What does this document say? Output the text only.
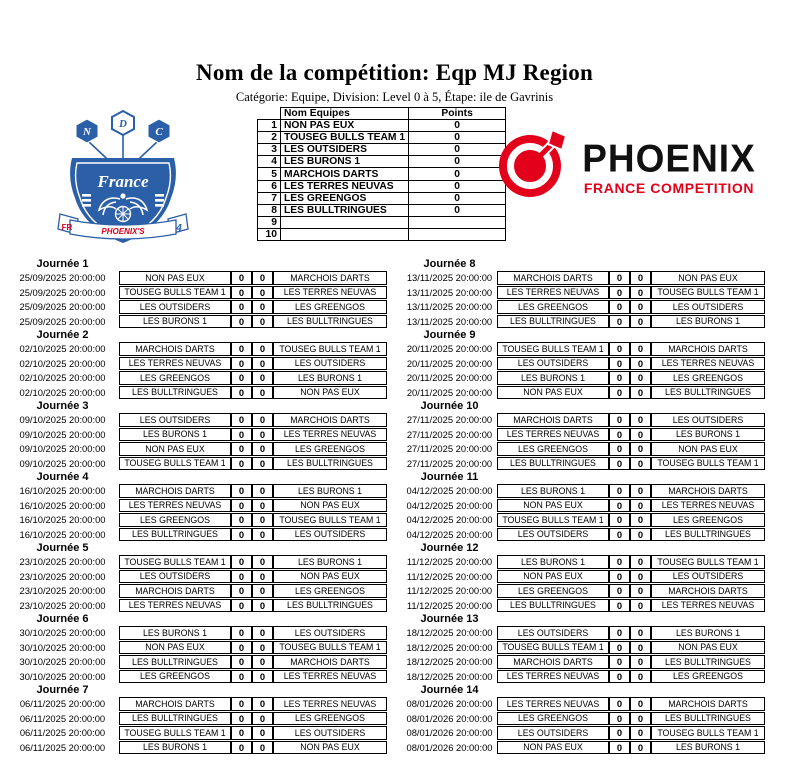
Nom de la compétition: Eqp MJ Region
Catégorie: Equipe, Division: Level 0 à 5, Étape: ile de Gavrinis
N
D
C
France
FR	PHOENIX'S	4
	Nom Equipes	Points
1	NON PAS EUX	0
2	TOUSEG BULLS TEAM 1	0
3	LES OUTSIDERS	0
4	LES BURONS 1	0
5	MARCHOIS DARTS	0
6	LES TERRES NEUVAS	0
7	LES GREENGOS	0
8	LES BULLTRINGUES	0
9		
10		
PHOENIX
FRANCE COMPETITION
Journée 1
25/09/2025 20:00:00	NON PAS EUX	0	0	MARCHOIS DARTS
25/09/2025 20:00:00	TOUSEG BULLS TEAM 1	0	0	LES TERRES NEUVAS
25/09/2025 20:00:00	LES OUTSIDERS	0	0	LES GREENGOS
25/09/2025 20:00:00	LES BURONS 1	0	0	LES BULLTRINGUES
Journée 2
02/10/2025 20:00:00	MARCHOIS DARTS	0	0	TOUSEG BULLS TEAM 1
02/10/2025 20:00:00	LES TERRES NEUVAS	0	0	LES OUTSIDERS
02/10/2025 20:00:00	LES GREENGOS	0	0	LES BURONS 1
02/10/2025 20:00:00	LES BULLTRINGUES	0	0	NON PAS EUX
Journée 3
09/10/2025 20:00:00	LES OUTSIDERS	0	0	MARCHOIS DARTS
09/10/2025 20:00:00	LES BURONS 1	0	0	LES TERRES NEUVAS
09/10/2025 20:00:00	NON PAS EUX	0	0	LES GREENGOS
09/10/2025 20:00:00	TOUSEG BULLS TEAM 1	0	0	LES BULLTRINGUES
Journée 4
16/10/2025 20:00:00	MARCHOIS DARTS	0	0	LES BURONS 1
16/10/2025 20:00:00	LES TERRES NEUVAS	0	0	NON PAS EUX
16/10/2025 20:00:00	LES GREENGOS	0	0	TOUSEG BULLS TEAM 1
16/10/2025 20:00:00	LES BULLTRINGUES	0	0	LES OUTSIDERS
Journée 5
23/10/2025 20:00:00	TOUSEG BULLS TEAM 1	0	0	LES BURONS 1
23/10/2025 20:00:00	LES OUTSIDERS	0	0	NON PAS EUX
23/10/2025 20:00:00	MARCHOIS DARTS	0	0	LES GREENGOS
23/10/2025 20:00:00	LES TERRES NEUVAS	0	0	LES BULLTRINGUES
Journée 6
30/10/2025 20:00:00	LES BURONS 1	0	0	LES OUTSIDERS
30/10/2025 20:00:00	NON PAS EUX	0	0	TOUSEG BULLS TEAM 1
30/10/2025 20:00:00	LES BULLTRINGUES	0	0	MARCHOIS DARTS
30/10/2025 20:00:00	LES GREENGOS	0	0	LES TERRES NEUVAS
Journée 7
06/11/2025 20:00:00	MARCHOIS DARTS	0	0	LES TERRES NEUVAS
06/11/2025 20:00:00	LES BULLTRINGUES	0	0	LES GREENGOS
06/11/2025 20:00:00	TOUSEG BULLS TEAM 1	0	0	LES OUTSIDERS
06/11/2025 20:00:00	LES BURONS 1	0	0	NON PAS EUX
Journée 8
13/11/2025 20:00:00	MARCHOIS DARTS	0	0	NON PAS EUX
13/11/2025 20:00:00	LES TERRES NEUVAS	0	0	TOUSEG BULLS TEAM 1
13/11/2025 20:00:00	LES GREENGOS	0	0	LES OUTSIDERS
13/11/2025 20:00:00	LES BULLTRINGUES	0	0	LES BURONS 1
Journée 9
20/11/2025 20:00:00	TOUSEG BULLS TEAM 1	0	0	MARCHOIS DARTS
20/11/2025 20:00:00	LES OUTSIDERS	0	0	LES TERRES NEUVAS
20/11/2025 20:00:00	LES BURONS 1	0	0	LES GREENGOS
20/11/2025 20:00:00	NON PAS EUX	0	0	LES BULLTRINGUES
Journée 10
27/11/2025 20:00:00	MARCHOIS DARTS	0	0	LES OUTSIDERS
27/11/2025 20:00:00	LES TERRES NEUVAS	0	0	LES BURONS 1
27/11/2025 20:00:00	LES GREENGOS	0	0	NON PAS EUX
27/11/2025 20:00:00	LES BULLTRINGUES	0	0	TOUSEG BULLS TEAM 1
Journée 11
04/12/2025 20:00:00	LES BURONS 1	0	0	MARCHOIS DARTS
04/12/2025 20:00:00	NON PAS EUX	0	0	LES TERRES NEUVAS
04/12/2025 20:00:00	TOUSEG BULLS TEAM 1	0	0	LES GREENGOS
04/12/2025 20:00:00	LES OUTSIDERS	0	0	LES BULLTRINGUES
Journée 12
11/12/2025 20:00:00	LES BURONS 1	0	0	TOUSEG BULLS TEAM 1
11/12/2025 20:00:00	NON PAS EUX	0	0	LES OUTSIDERS
11/12/2025 20:00:00	LES GREENGOS	0	0	MARCHOIS DARTS
11/12/2025 20:00:00	LES BULLTRINGUES	0	0	LES TERRES NEUVAS
Journée 13
18/12/2025 20:00:00	LES OUTSIDERS	0	0	LES BURONS 1
18/12/2025 20:00:00	TOUSEG BULLS TEAM 1	0	0	NON PAS EUX
18/12/2025 20:00:00	MARCHOIS DARTS	0	0	LES BULLTRINGUES
18/12/2025 20:00:00	LES TERRES NEUVAS	0	0	LES GREENGOS
Journée 14
08/01/2026 20:00:00	LES TERRES NEUVAS	0	0	MARCHOIS DARTS
08/01/2026 20:00:00	LES GREENGOS	0	0	LES BULLTRINGUES
08/01/2026 20:00:00	LES OUTSIDERS	0	0	TOUSEG BULLS TEAM 1
08/01/2026 20:00:00	NON PAS EUX	0	0	LES BURONS 1
